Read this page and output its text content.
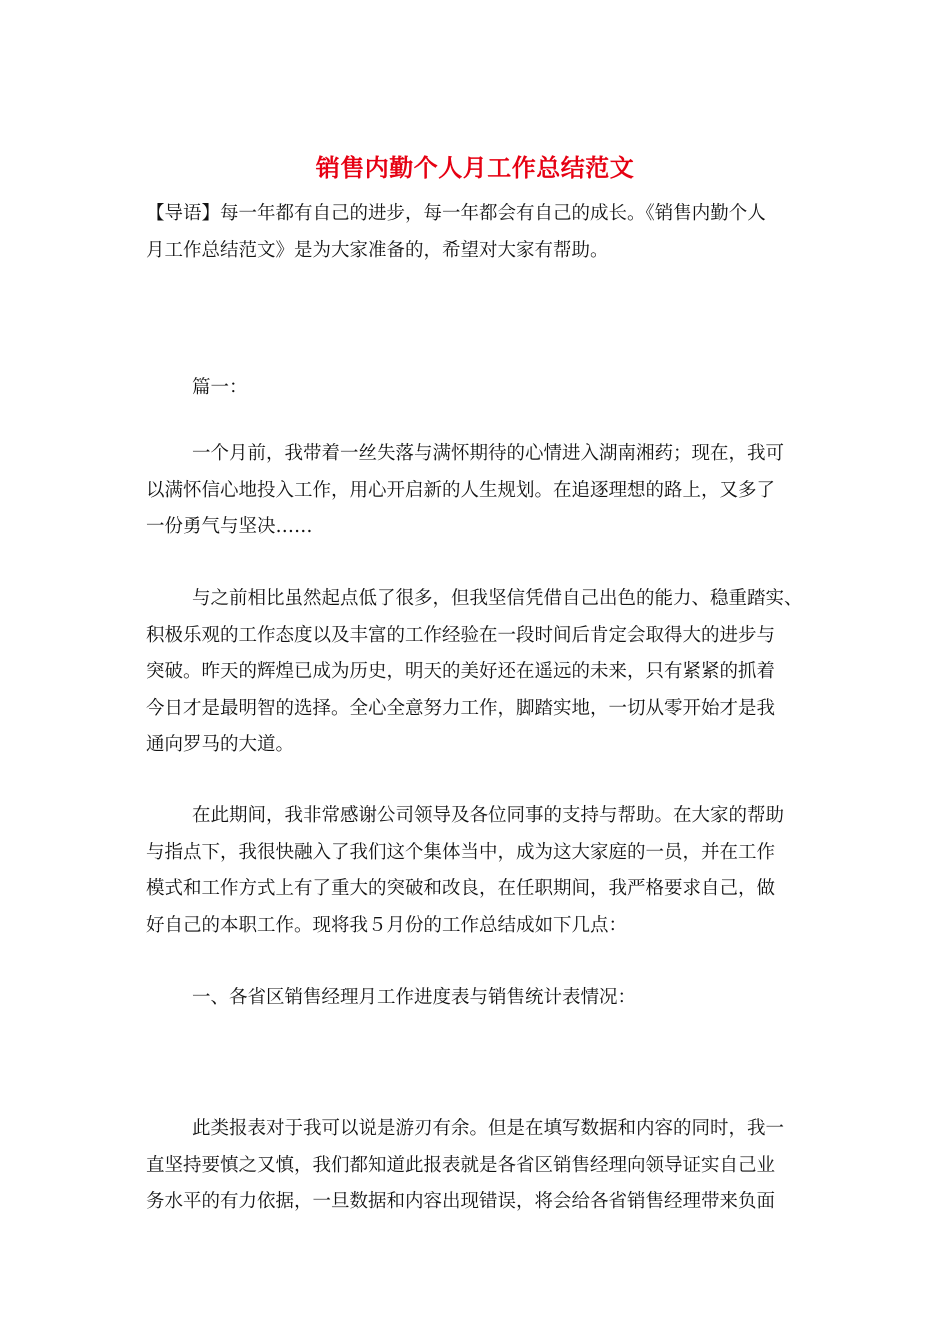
销售内勤个人月工作总结范文
【导语】每一年都有自己的进步，每一年都会有自己的成长。《销售内勤个人
月工作总结范文》是为大家准备的，希望对大家有帮助。
篇一：
一个月前，我带着一丝失落与满怀期待的心情进入湖南湘药；现在，我可
以满怀信心地投入工作，用心开启新的人生规划。在追逐理想的路上，又多了
一份勇气与坚决……
与之前相比虽然起点低了很多，但我坚信凭借自己出色的能力、稳重踏实、
积极乐观的工作态度以及丰富的工作经验在一段时间后肯定会取得大的进步与
突破。昨天的辉煌已成为历史，明天的美好还在遥远的未来，只有紧紧的抓着
今日才是最明智的选择。全心全意努力工作，脚踏实地，一切从零开始才是我
通向罗马的大道。
在此期间，我非常感谢公司领导及各位同事的支持与帮助。在大家的帮助
与指点下，我很快融入了我们这个集体当中，成为这大家庭的一员，并在工作
模式和工作方式上有了重大的突破和改良，在任职期间，我严格要求自己，做
好自己的本职工作。现将我５月份的工作总结成如下几点：
一、各省区销售经理月工作进度表与销售统计表情况：
此类报表对于我可以说是游刃有余。但是在填写数据和内容的同时，我一
直坚持要慎之又慎，我们都知道此报表就是各省区销售经理向领导证实自己业
务水平的有力依据，一旦数据和内容出现错误，将会给各省销售经理带来负面
